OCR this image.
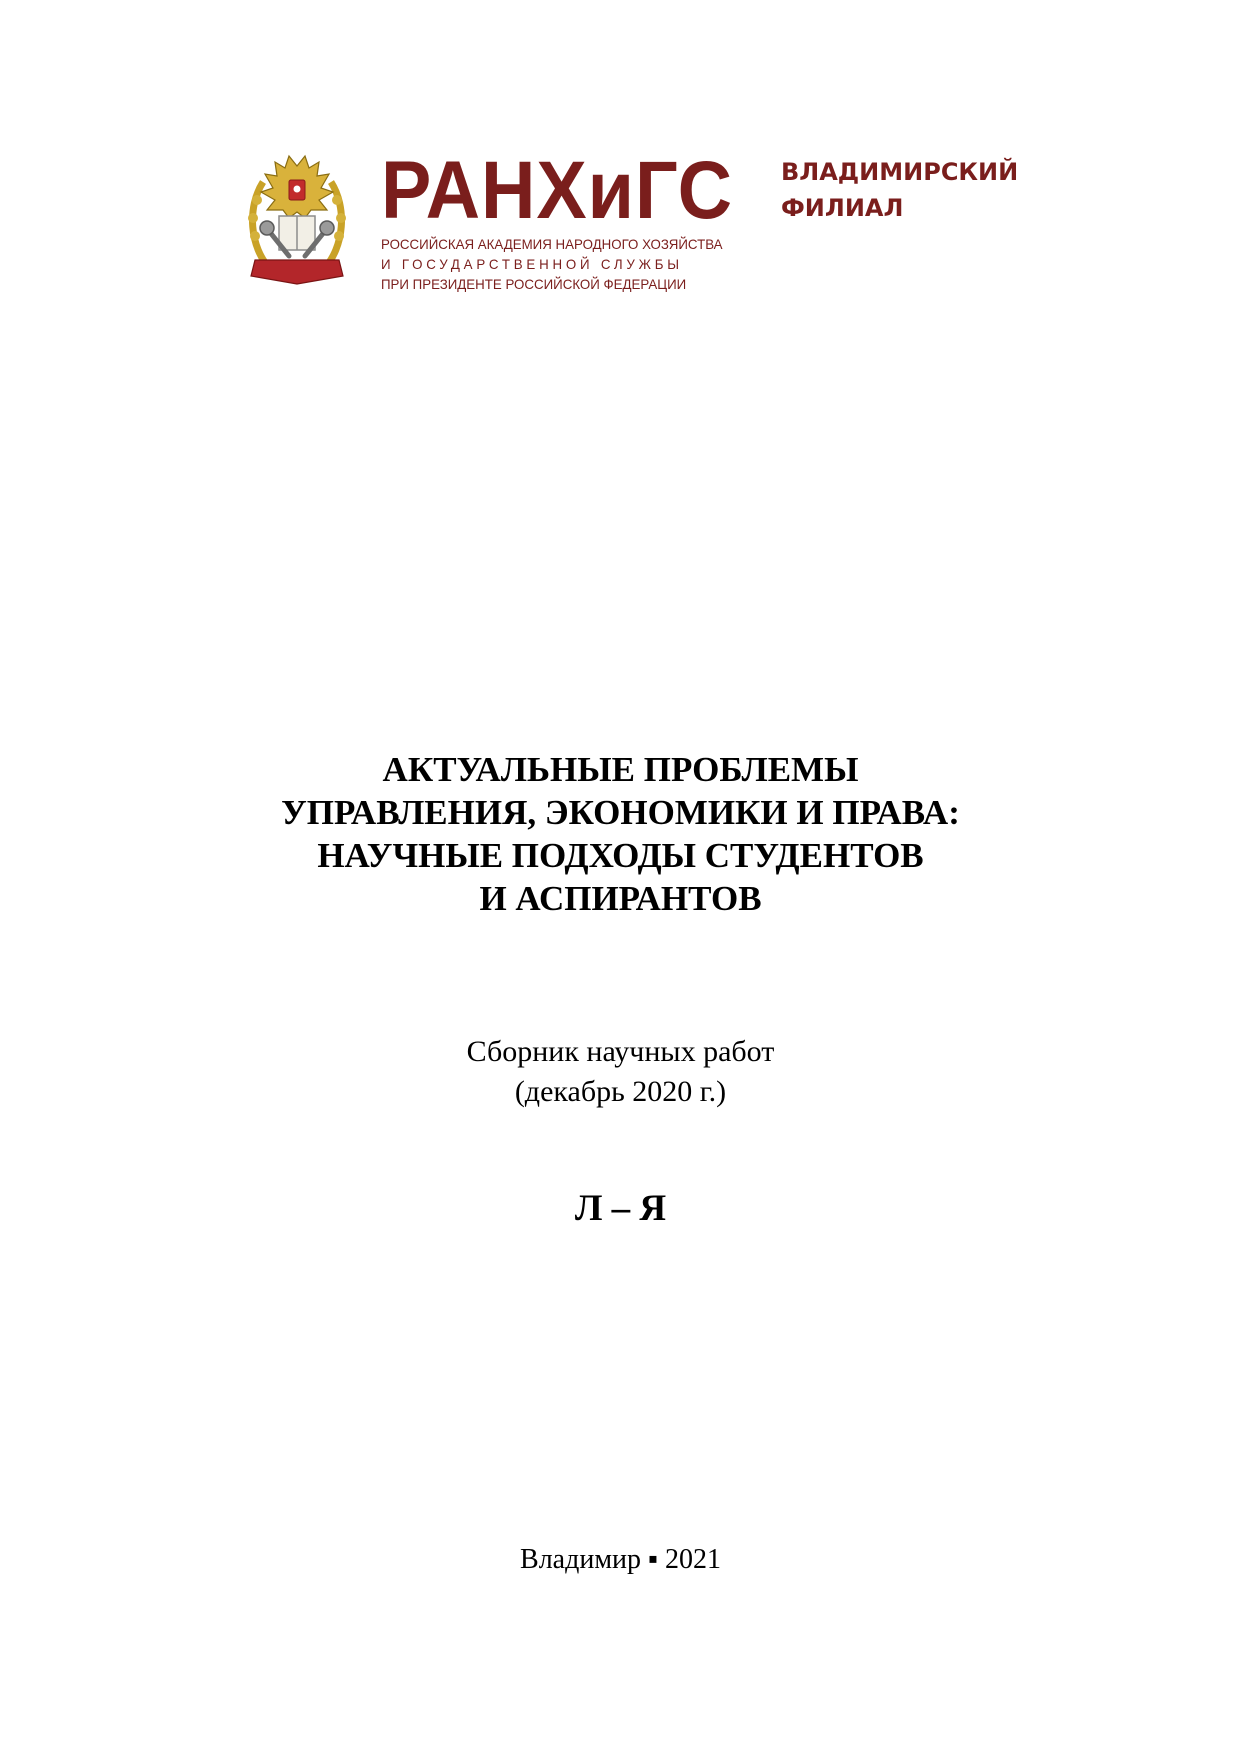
РАНХиГС
РОССИЙСКАЯ АКАДЕМИЯ НАРОДНОГО ХОЗЯЙСТВА
И ГОСУДАРСТВЕННОЙ СЛУЖБЫ
ПРИ ПРЕЗИДЕНТЕ РОССИЙСКОЙ ФЕДЕРАЦИИ
ВЛАДИМИРСКИЙ
ФИЛИАЛ
АКТУАЛЬНЫЕ ПРОБЛЕМЫ
УПРАВЛЕНИЯ, ЭКОНОМИКИ И ПРАВА:
НАУЧНЫЕ ПОДХОДЫ СТУДЕНТОВ
И АСПИРАНТОВ
Сборник научных работ
(декабрь 2020 г.)
Л – Я
Владимир ▪ 2021
